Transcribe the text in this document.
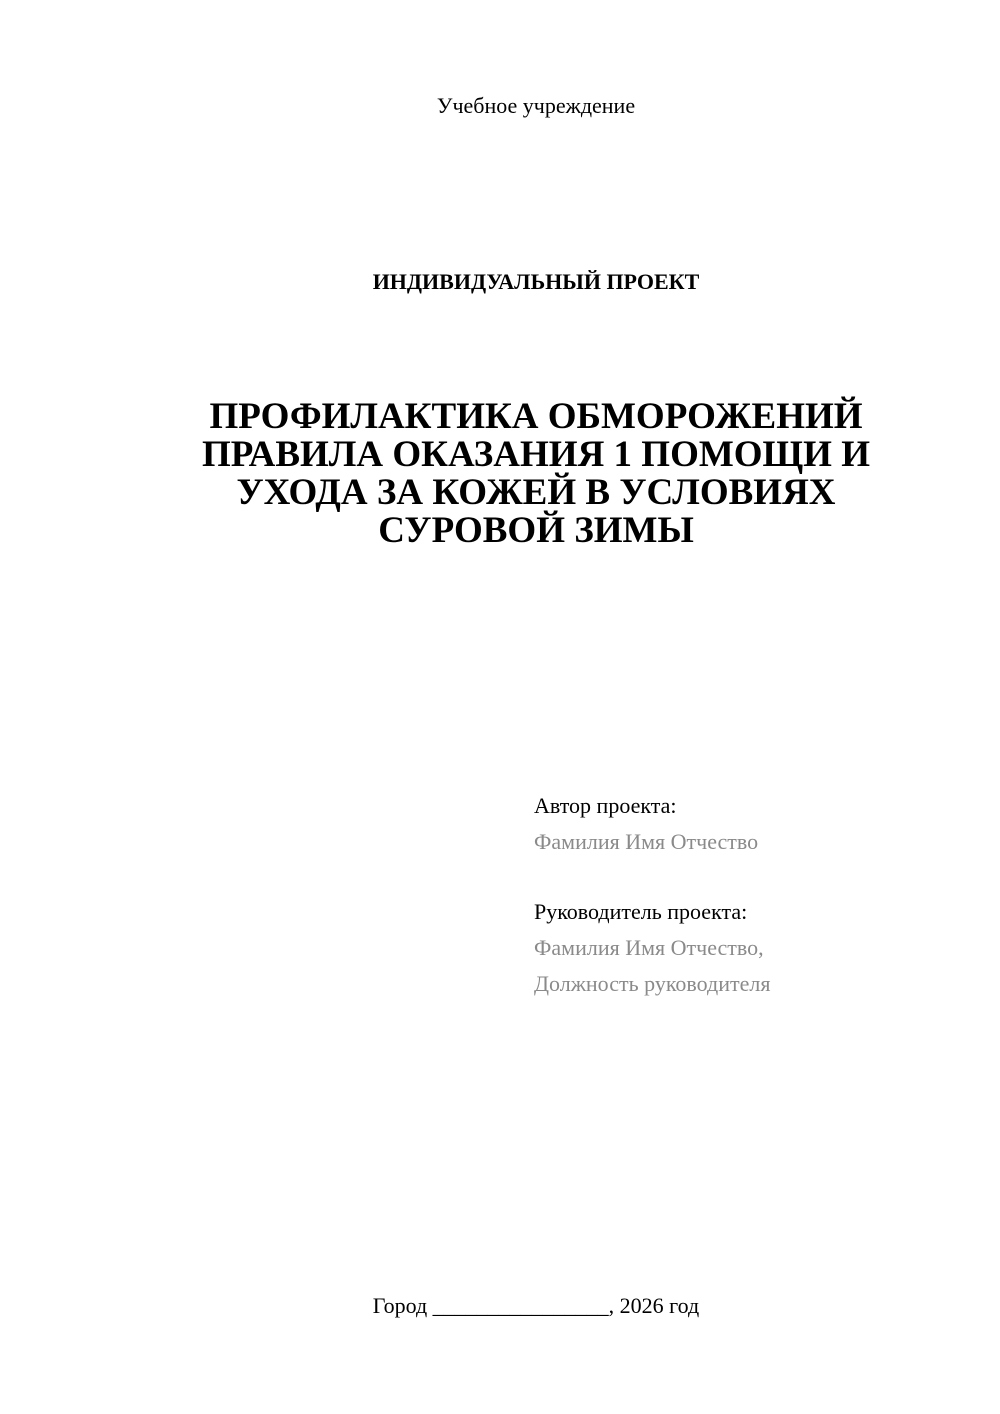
Учебное учреждение
ИНДИВИДУАЛЬНЫЙ ПРОЕКТ
ПРОФИЛАКТИКА ОБМОРОЖЕНИЙ
ПРАВИЛА ОКАЗАНИЯ 1 ПОМОЩИ И
УХОДА ЗА КОЖЕЙ В УСЛОВИЯХ
СУРОВОЙ ЗИМЫ
Автор проекта:
Фамилия Имя Отчество
Руководитель проекта:
Фамилия Имя Отчество,
Должность руководителя
Город ________________, 2026 год
